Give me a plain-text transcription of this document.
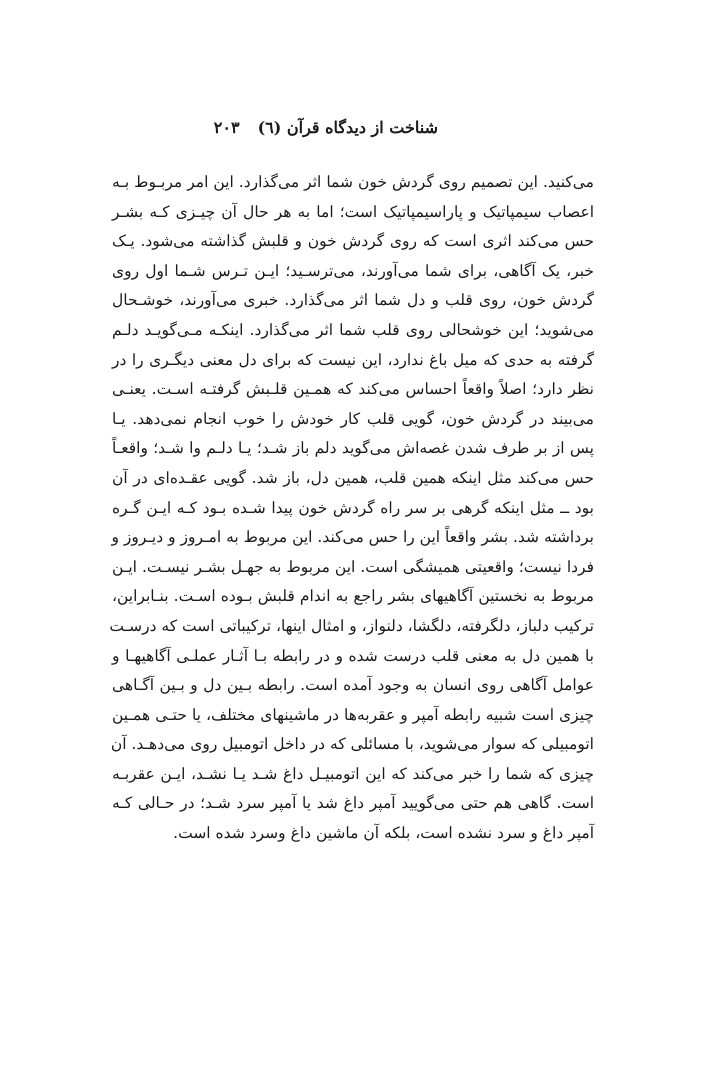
شناخت از دیدگاه قرآن (٦)
٢٠٣
می‌کنید. این تصمیم روی گردش خون شما اثر می‌گذارد. این امر مربـوط بـه
اعصاب سیمپاتیک و پاراسیمپاتیک است؛ اما به هر حال آن چیـزی کـه بشـر
حس می‌کند اثری است که روی گردش خون و قلبش گذاشته می‌شود. یـک
خبر، یک آگاهی، برای شما می‌آورند، می‌ترسـید؛ ایـن تـرس شـما اول روی
گردش خون، روی قلب و دل شما اثر می‌گذارد. خبری می‌آورند، خوشـحال
می‌شوید؛ این خوشحالی روی قلب شما اثر می‌گذارد. اینکـه مـی‌گویـد دلـم
گرفته به حدی که میل باغ ندارد، این نیست که برای دل معنی دیگـری را در
نظر دارد؛ اصلاً واقعاً احساس می‌کند که همـین قلـبش گرفتـه اسـت. یعنـی
می‌بیند در گردش خون، گویی قلب کار خودش را خوب انجام نمی‌دهد. یـا
پس از بر طرف شدن غصه‌اش می‌گوید دلم باز شـد؛ یـا دلـم وا شـد؛ واقعـاً
حس می‌کند مثل اینکه همین قلب، همین دل، باز شد. گویی عقـده‌ای در آن
بود ــ مثل اینکه گرهی بر سر راه گردش خون پیدا شـده بـود کـه ایـن گـره
برداشته شد. بشر واقعاً این را حس می‌کند. این مربوط به امـروز و دیـروز و
فردا نیست؛ واقعیتی همیشگی است. این مربوط به جهـل بشـر نیسـت. ایـن
مربوط به نخستین آگاهیهای بشر راجع به اندام قلبش بـوده اسـت. بنـابراین،
ترکیب دلباز، دلگرفته، دلگشا، دلنواز، و امثال اینها، ترکیباتی است که درسـت
با همین دل به معنی قلب درست شده و در رابطه بـا آثـار عملـی آگاهیهـا و
عوامل آگاهی روی انسان به وجود آمده است. رابطه بـین دل و بـین آگـاهی
چیزی است شبیه رابطه آمپر و عقربه‌ها در ماشینهای مختلف، یا حتـی همـین
اتومبیلی که سوار می‌شوید، با مسائلی که در داخل اتومبیل روی می‌دهـد. آن
چیزی که شما را خبر می‌کند که این اتومبیـل داغ شـد یـا نشـد، ایـن عقربـه
است. گاهی هم حتی می‌گویید آمپر داغ شد یا آمپر سرد شـد؛ در حـالی کـه
آمپر داغ و سرد نشده است، بلکه آن ماشین داغ وسرد شده است.
